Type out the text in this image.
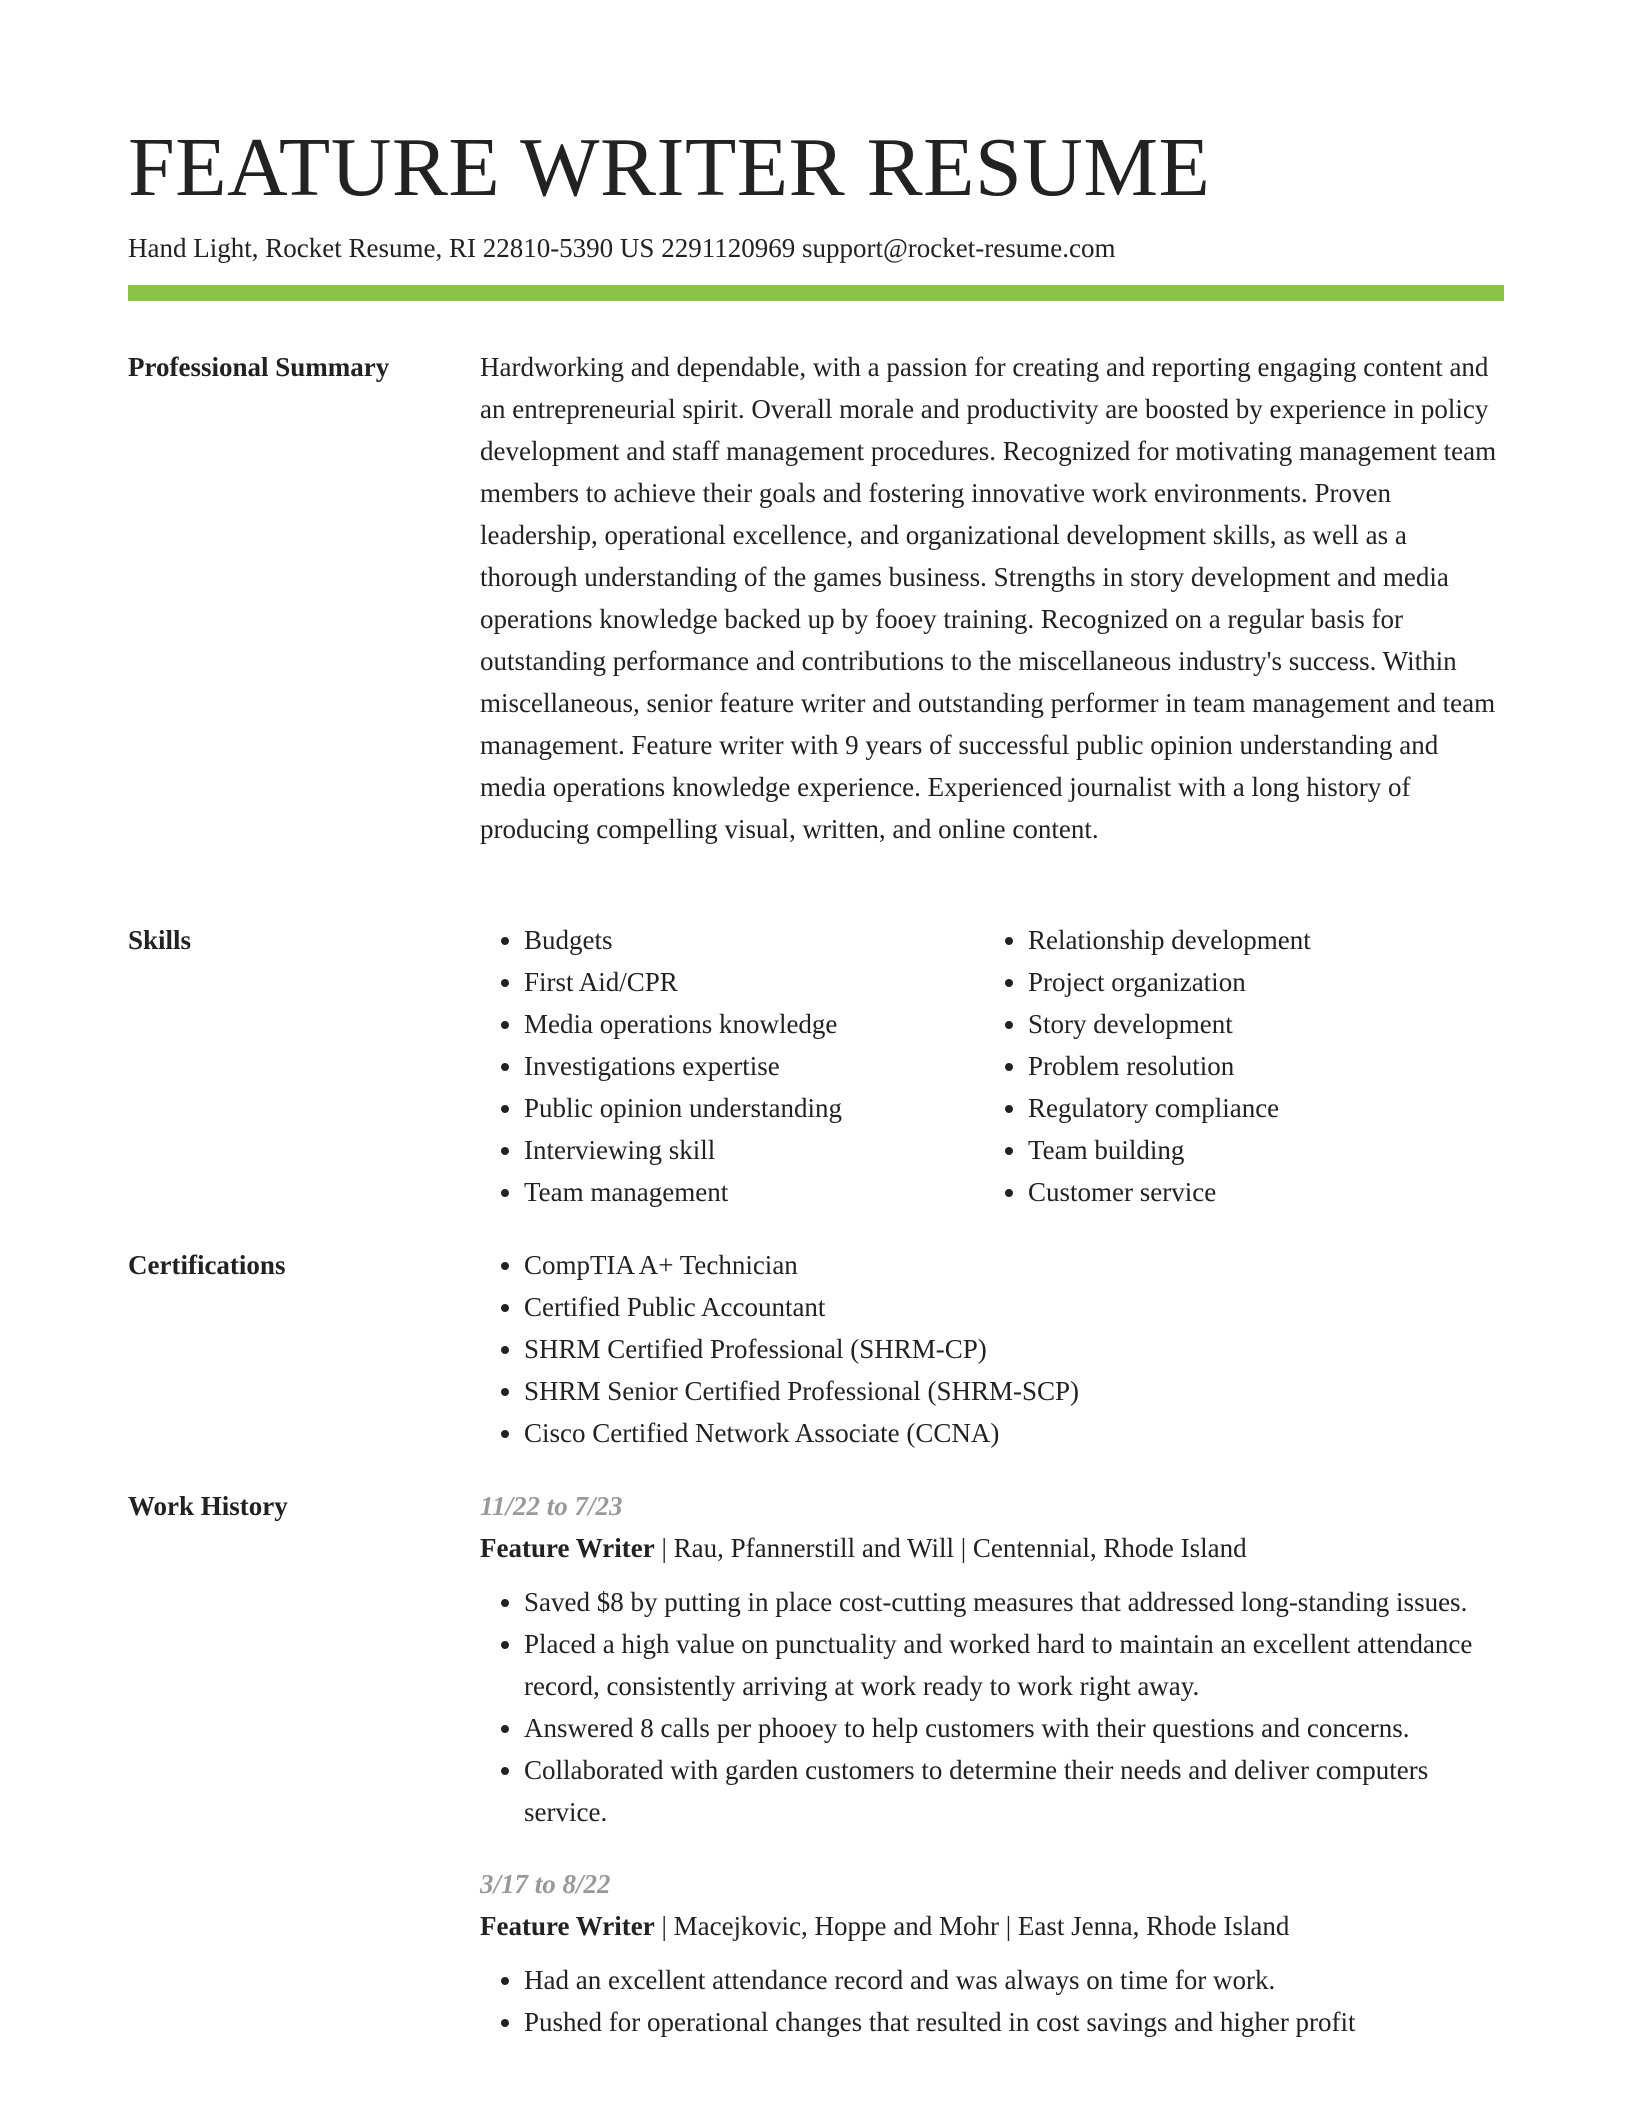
FEATURE WRITER RESUME
Hand Light, Rocket Resume, RI 22810-5390 US 2291120969 support@rocket-resume.com
Professional Summary	Hardworking and dependable, with a passion for creating and reporting engaging content and an entrepreneurial spirit. Overall morale and productivity are boosted by experience in policy development and staff management procedures. Recognized for motivating management team members to achieve their goals and fostering innovative work environments. Proven leadership, operational excellence, and organizational development skills, as well as a thorough understanding of the games business. Strengths in story development and media operations knowledge backed up by fooey training. Recognized on a regular basis for outstanding performance and contributions to the miscellaneous industry's success. Within miscellaneous, senior feature writer and outstanding performer in team management and team management. Feature writer with 9 years of successful public opinion understanding and media operations knowledge experience. Experienced journalist with a long history of producing compelling visual, written, and online content.

Skills	• Budgets
• First Aid/CPR
• Media operations knowledge
• Investigations expertise
• Public opinion understanding
• Interviewing skill
• Team management
• Relationship development
• Project organization
• Story development
• Problem resolution
• Regulatory compliance
• Team building
• Customer service
Certifications	• CompTIA A+ Technician
• Certified Public Accountant
• SHRM Certified Professional (SHRM-CP)
• SHRM Senior Certified Professional (SHRM-SCP)
• Cisco Certified Network Associate (CCNA)
Work History	11/22 to 7/23
Feature Writer | Rau, Pfannerstill and Will | Centennial, Rhode Island
• Saved $8 by putting in place cost-cutting measures that addressed long-standing issues.
• Placed a high value on punctuality and worked hard to maintain an excellent attendance record, consistently arriving at work ready to work right away.
• Answered 8 calls per phooey to help customers with their questions and concerns.
• Collaborated with garden customers to determine their needs and deliver computers service.
3/17 to 8/22
Feature Writer | Macejkovic, Hoppe and Mohr | East Jenna, Rhode Island
• Had an excellent attendance record and was always on time for work.
• Pushed for operational changes that resulted in cost savings and higher profit
